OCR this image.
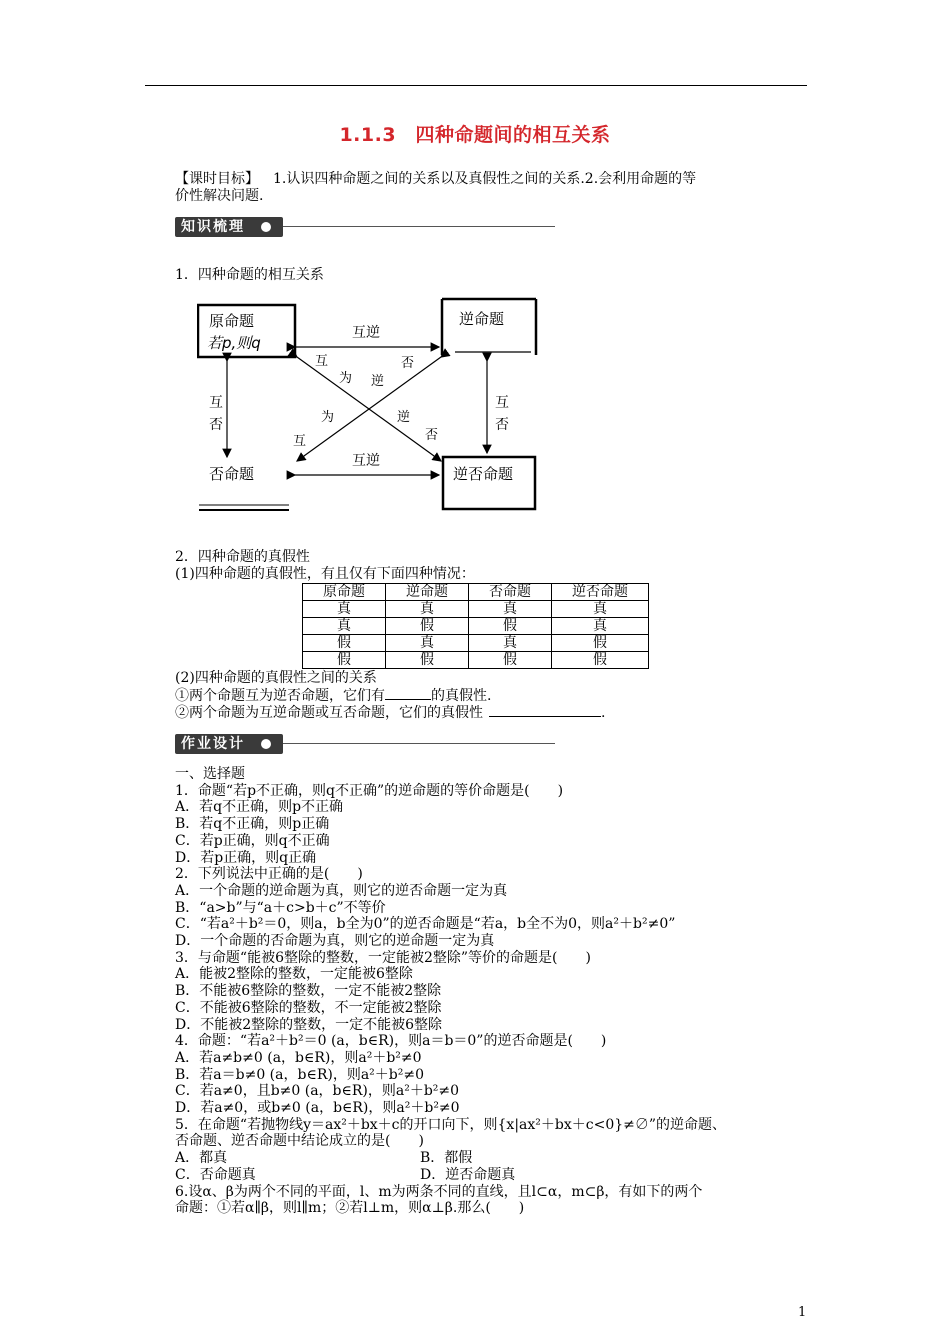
1.1.3　四种命题间的相互关系
【课时目标】 1.认识四种命题之间的关系以及真假性之间的关系.2.会利用命题的等
价性解决问题.
知识梳理
1．四种命题的相互关系
原命题
若p,则q
逆命题
否命题	逆否命题
互逆
互逆
互
否
互
否
互
为 逆
否
互
为	逆
否
2．四种命题的真假性
(1)四种命题的真假性，有且仅有下面四种情况：
原命题	逆命题	否命题	逆否命题
真	真	真	真
真	假	假	真
假	真	真	假
假	假	假	假
(2)四种命题的真假性之间的关系
①两个命题互为逆否命题，它们有	的真假性.
②两个命题为互逆命题或互否命题，它们的真假性	.
作业设计
一、选择题
1．命题“若p不正确，则q不正确”的逆命题的等价命题是(　　)
A．若q不正确，则p不正确
B．若q不正确，则p正确
C．若p正确，则q不正确
D．若p正确，则q正确
2．下列说法中正确的是(　　)
A．一个命题的逆命题为真，则它的逆否命题一定为真
B．“a>b”与“a＋c>b＋c”不等价
C．“若a²＋b²＝0，则a，b全为0”的逆否命题是“若a，b全不为0，则a²＋b²≠0”
D．一个命题的否命题为真，则它的逆命题一定为真
3．与命题“能被6整除的整数，一定能被2整除”等价的命题是(　　)
A．能被2整除的整数，一定能被6整除
B．不能被6整除的整数，一定不能被2整除
C．不能被6整除的整数，不一定能被2整除
D．不能被2整除的整数，一定不能被6整除
4．命题：“若a²＋b²＝0 (a，b∈R)，则a＝b＝0”的逆否命题是(　　)
A．若a≠b≠0 (a，b∈R)，则a²＋b²≠0
B．若a＝b≠0 (a，b∈R)，则a²＋b²≠0
C．若a≠0，且b≠0 (a，b∈R)，则a²＋b²≠0
D．若a≠0，或b≠0 (a，b∈R)，则a²＋b²≠0
5．在命题“若抛物线y＝ax²＋bx＋c的开口向下，则{x|ax²＋bx＋c<0}≠∅”的逆命题、
否命题、逆否命题中结论成立的是(　　)
A．都真	B．都假
C．否命题真	D．逆否命题真
6.设α、β为两个不同的平面，l、m为两条不同的直线，且l⊂α，m⊂β，有如下的两个
命题：①若α∥β，则l∥m；②若l⊥m，则α⊥β.那么(　　)
1
